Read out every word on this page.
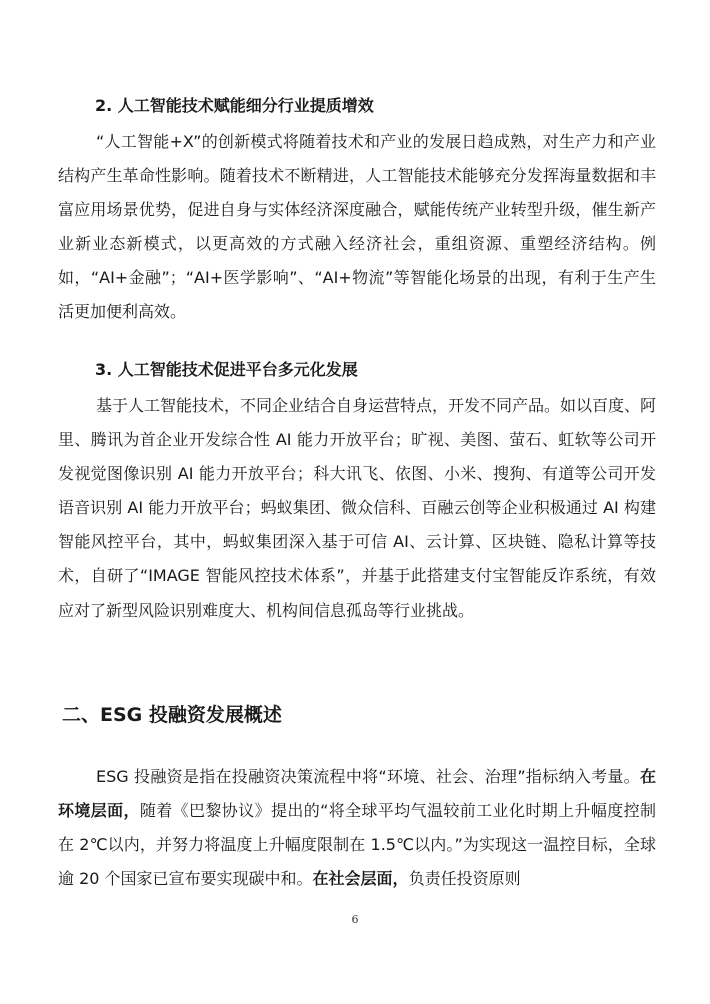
2. 人工智能技术赋能细分行业提质增效
“人工智能+X”的创新模式将随着技术和产业的发展日趋成熟，对生产力和产业结构产生革命性影响。随着技术不断精进，人工智能技术能够充分发挥海量数据和丰富应用场景优势，促进自身与实体经济深度融合，赋能传统产业转型升级，催生新产业新业态新模式，以更高效的方式融入经济社会，重组资源、重塑经济结构。例如，“AI+金融”；“AI+医学影响”、“AI+物流”等智能化场景的出现，有利于生产生活更加便利高效。
3. 人工智能技术促进平台多元化发展
基于人工智能技术，不同企业结合自身运营特点，开发不同产品。如以百度、阿里、腾讯为首企业开发综合性 AI 能力开放平台；旷视、美图、萤石、虹软等公司开发视觉图像识别 AI 能力开放平台；科大讯飞、依图、小米、搜狗、有道等公司开发语音识别 AI 能力开放平台；蚂蚁集团、微众信科、百融云创等企业积极通过 AI 构建智能风控平台，其中，蚂蚁集团深入基于可信 AI、云计算、区块链、隐私计算等技术，自研了“IMAGE 智能风控技术体系”，并基于此搭建支付宝智能反诈系统，有效应对了新型风险识别难度大、机构间信息孤岛等行业挑战。
二、ESG 投融资发展概述
ESG 投融资是指在投融资决策流程中将“环境、社会、治理”指标纳入考量。在环境层面，随着《巴黎协议》提出的“将全球平均气温较前工业化时期上升幅度控制在 2℃以内，并努力将温度上升幅度限制在 1.5℃以内。”为实现这一温控目标，全球逾 20 个国家已宣布要实现碳中和。在社会层面，负责任投资原则
6
